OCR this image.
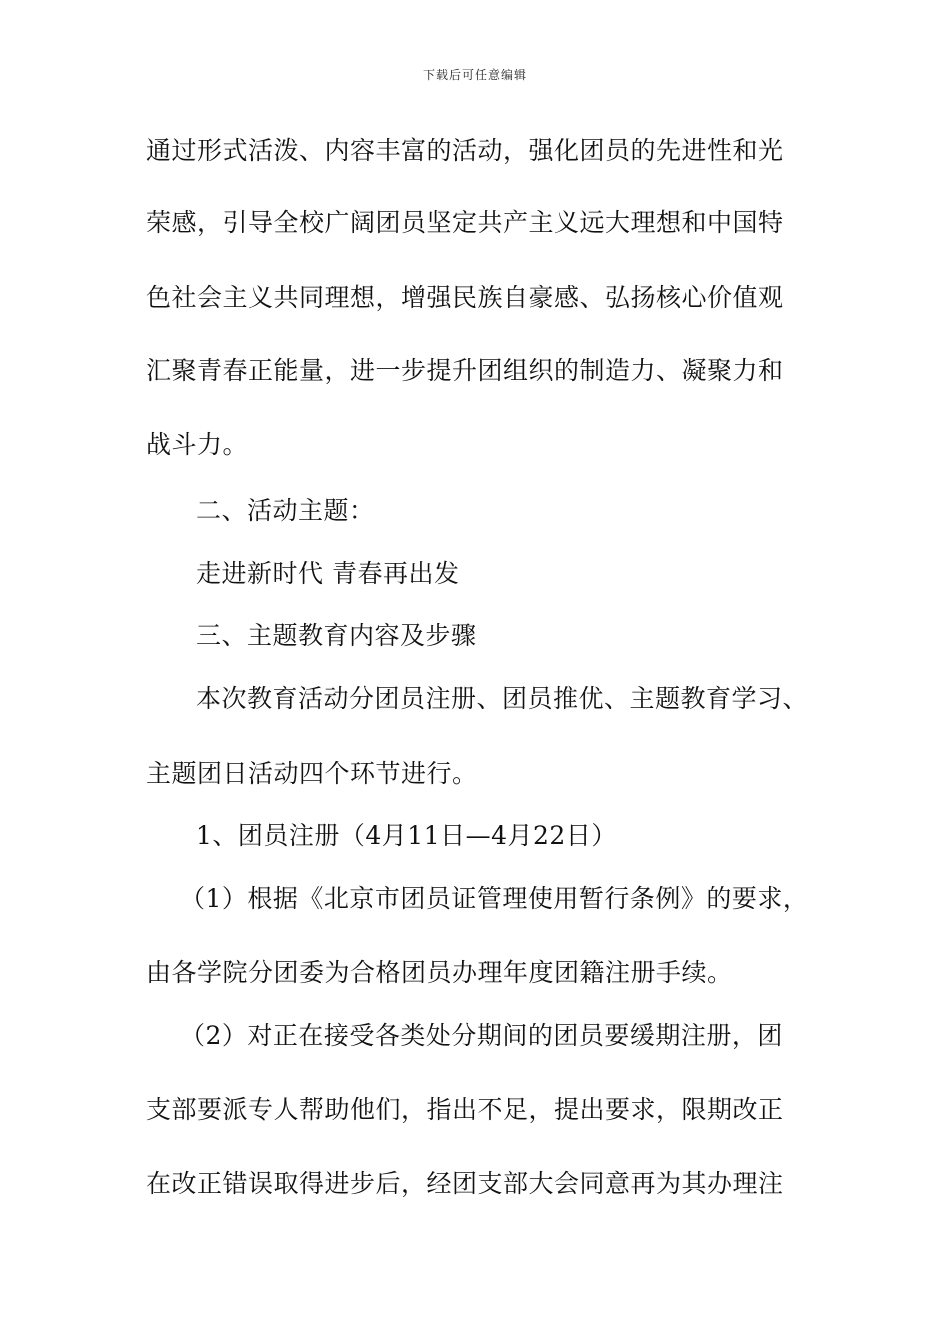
下载后可任意编辑
通过形式活泼、内容丰富的活动，强化团员的先进性和光
荣感，引导全校广阔团员坚定共产主义远大理想和中国特
色社会主义共同理想，增强民族自豪感、弘扬核心价值观
汇聚青春正能量，进一步提升团组织的制造力、凝聚力和
战斗力。
二、活动主题：
走进新时代 青春再出发
三、主题教育内容及步骤
本次教育活动分团员注册、团员推优、主题教育学习、
主题团日活动四个环节进行。
1、团员注册（4月11日—4月22日）
（1）根据《北京市团员证管理使用暂行条例》的要求，
由各学院分团委为合格团员办理年度团籍注册手续。
（2）对正在接受各类处分期间的团员要缓期注册，团
支部要派专人帮助他们，指出不足，提出要求，限期改正
在改正错误取得进步后，经团支部大会同意再为其办理注
